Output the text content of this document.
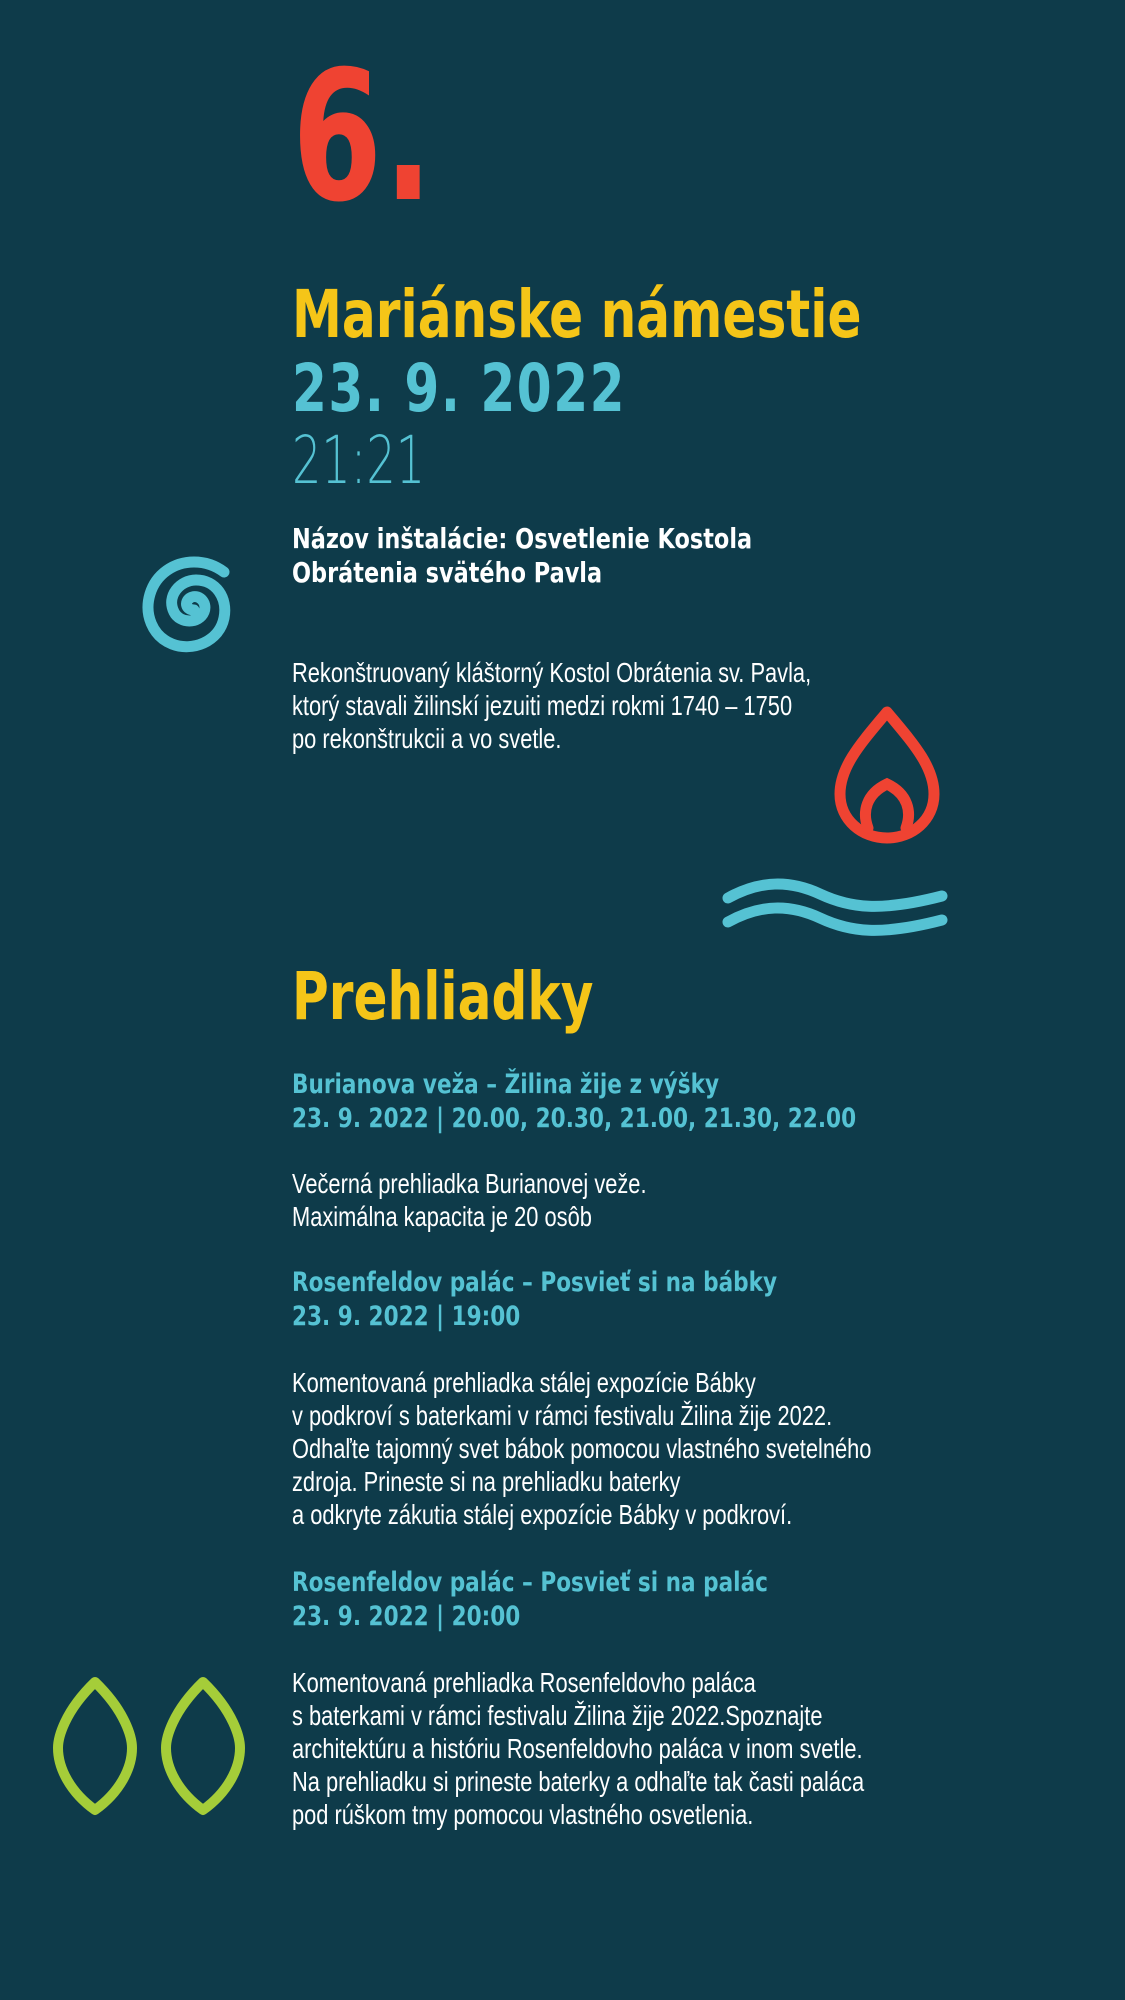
6.
Mariánske námestie
23. 9. 2022
21:21
Názov inštalácie: Osvetlenie Kostola Obrátenia svätého Pavla
Rekonštruovaný kláštorný Kostol Obrátenia sv. Pavla,
ktorý stavali žilinskí jezuiti medzi rokmi 1740 – 1750
po rekonštrukcii a vo svetle.
Prehliadky
Burianova veža – Žilina žije z výšky
23. 9. 2022 | 20.00, 20.30, 21.00, 21.30, 22.00
Večerná prehliadka Burianovej veže.
Maximálna kapacita je 20 osôb
Rosenfeldov palác – Posvieť si na bábky
23. 9. 2022 | 19:00
Komentovaná prehliadka stálej expozície Bábky
v podkroví s baterkami v rámci festivalu Žilina žije 2022.
Odhaľte tajomný svet bábok pomocou vlastného svetelného
zdroja. Prineste si na prehliadku baterky
a odkryte zákutia stálej expozície Bábky v podkroví.
Rosenfeldov palác – Posvieť si na palác
23. 9. 2022 | 20:00
Komentovaná prehliadka Rosenfeldovho paláca
s baterkami v rámci festivalu Žilina žije 2022.Spoznajte
architektúru a históriu Rosenfeldovho paláca v inom svetle.
Na prehliadku si prineste baterky a odhaľte tak časti paláca
pod rúškom tmy pomocou vlastného osvetlenia.
